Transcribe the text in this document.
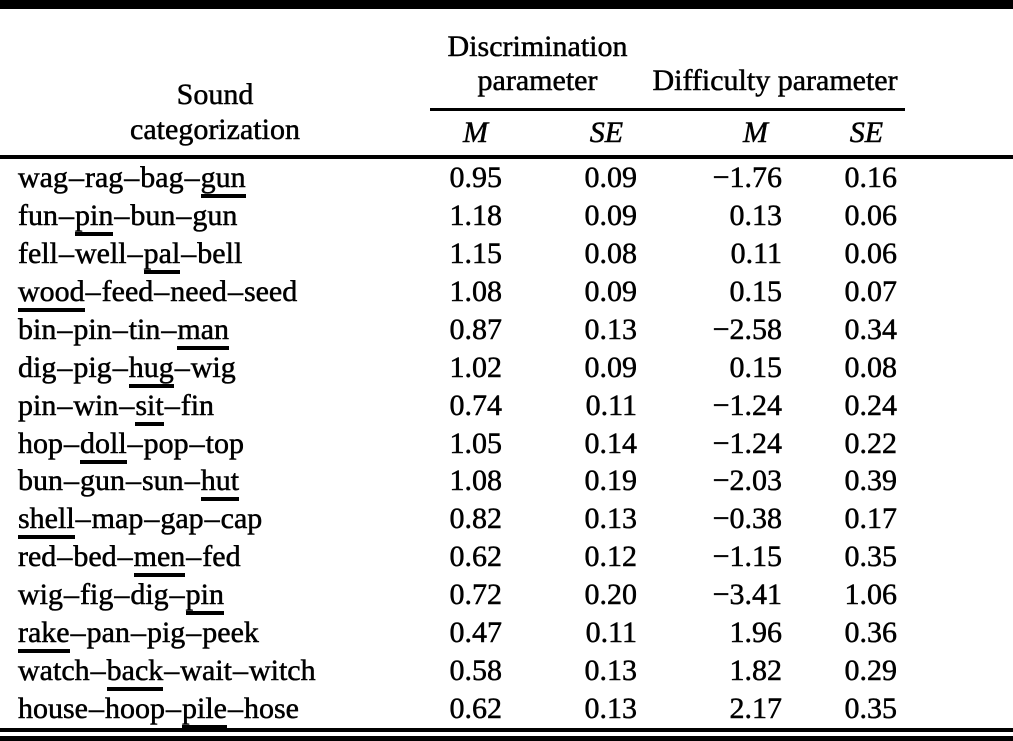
Sound categorization	Discrimination parameter		Difficulty parameter		

	M	SE	M	SE	
wag–rag–bag–gun	0.95	0.09	−1.76	0.16	
fun–pin–bun–gun	1.18	0.09	0.13	0.06	
fell–well–pal–bell	1.15	0.08	0.11	0.06	
wood–feed–need–seed	1.08	0.09	0.15	0.07	
bin–pin–tin–man	0.87	0.13	−2.58	0.34	
dig–pig–hug–wig	1.02	0.09	0.15	0.08	
pin–win–sit–fin	0.74	0.11	−1.24	0.24	
hop–doll–pop–top	1.05	0.14	−1.24	0.22	
bun–gun–sun–hut	1.08	0.19	−2.03	0.39	
shell–map–gap–cap	0.82	0.13	−0.38	0.17	
red–bed–men–fed	0.62	0.12	−1.15	0.35	
wig–fig–dig–pin	0.72	0.20	−3.41	1.06	
rake–pan–pig–peek	0.47	0.11	1.96	0.36	
watch–back–wait–witch	0.58	0.13	1.82	0.29	
house–hoop–pile–hose	0.62	0.13	2.17	0.35	
